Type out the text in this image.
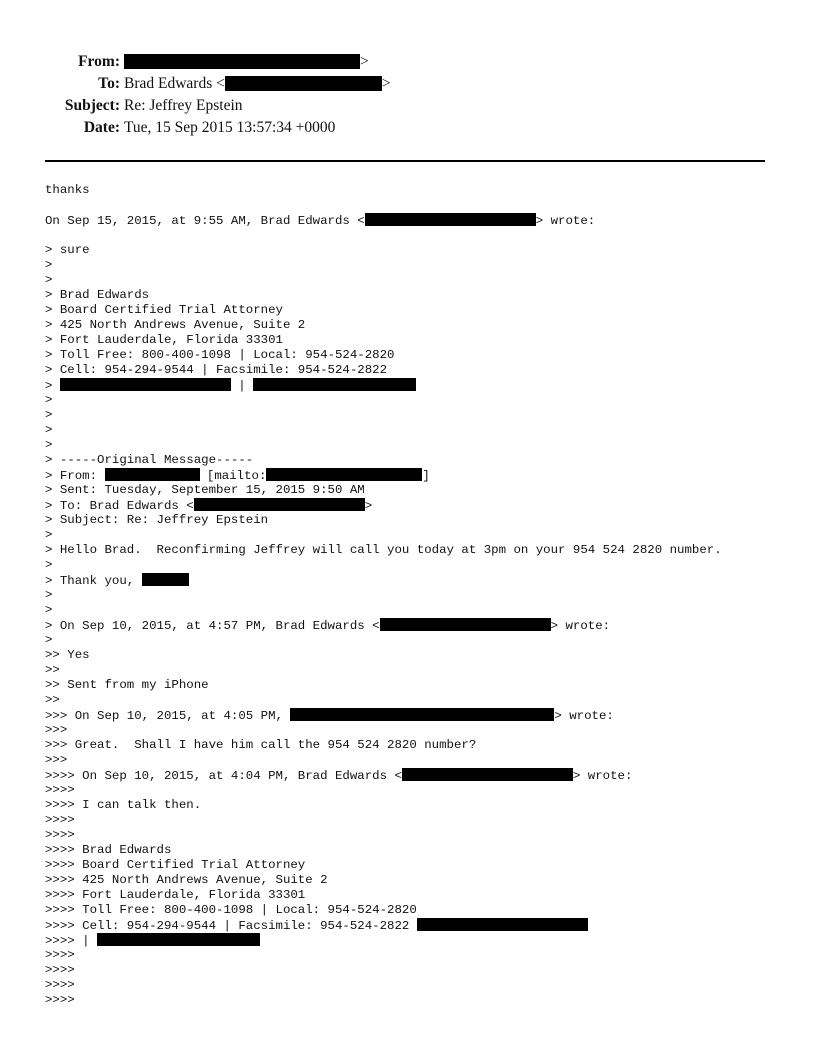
From:	>
To: Brad Edwards <	>
Subject: Re: Jeffrey Epstein
Date: Tue, 15 Sep 2015 13:57:34 +0000
thanks
On Sep 15, 2015, at 9:55 AM, Brad Edwards <	> wrote:
> sure
>
>
> Brad Edwards
> Board Certified Trial Attorney
> 425 North Andrews Avenue, Suite 2
> Fort Lauderdale, Florida 33301
> Toll Free: 800-400-1098 | Local: 954-524-2820
> Cell: 954-294-9544 | Facsimile: 954-524-2822
>	|
>
>
>
>
> -----Original Message-----
> From:	[mailto:	]
> Sent: Tuesday, September 15, 2015 9:50 AM
> To: Brad Edwards <	>
> Subject: Re: Jeffrey Epstein
>
> Hello Brad.  Reconfirming Jeffrey will call you today at 3pm on your 954 524 2820 number.
>
> Thank you,
>
>
> On Sep 10, 2015, at 4:57 PM, Brad Edwards <	> wrote:
>
>> Yes
>>
>> Sent from my iPhone
>>
>>> On Sep 10, 2015, at 4:05 PM,	> wrote:
>>>
>>> Great.  Shall I have him call the 954 524 2820 number?
>>>
>>>> On Sep 10, 2015, at 4:04 PM, Brad Edwards <	> wrote:
>>>>
>>>> I can talk then.
>>>>
>>>>
>>>> Brad Edwards
>>>> Board Certified Trial Attorney
>>>> 425 North Andrews Avenue, Suite 2
>>>> Fort Lauderdale, Florida 33301
>>>> Toll Free: 800-400-1098 | Local: 954-524-2820
>>>> Cell: 954-294-9544 | Facsimile: 954-524-2822
>>>> |
>>>>
>>>>
>>>>
>>>>
